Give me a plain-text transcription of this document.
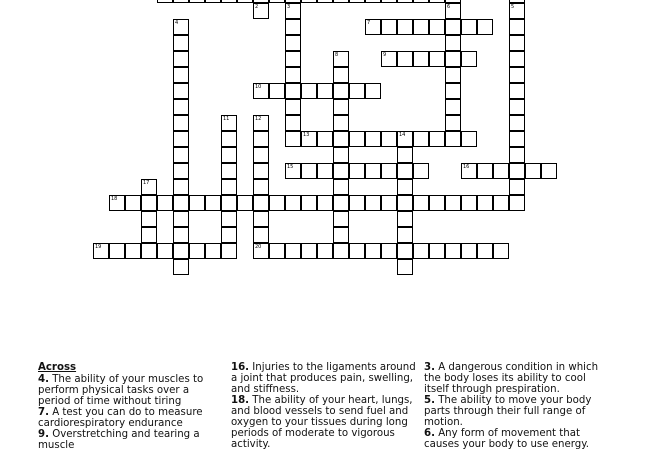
2
4
3	6	5
8
11	12
20
14
17
7
9
10
13
15	16
18
19
Across
4. The ability of your muscles to perform physical tasks over a period of time without tiring
7. A test you can do to measure cardiorespiratory endurance
9. Overstretching and tearing a muscle
16. Injuries to the ligaments around a joint that produces pain, swelling, and stiffness.
18. The ability of your heart, lungs, and blood vessels to send fuel and oxygen to your tissues during long periods of moderate to vigorous activity.
3. A dangerous condition in which the body loses its ability to cool itself through prespiration.
5. The ability to move your body parts through their full range of motion.
6. Any form of movement that causes your body to use energy.
